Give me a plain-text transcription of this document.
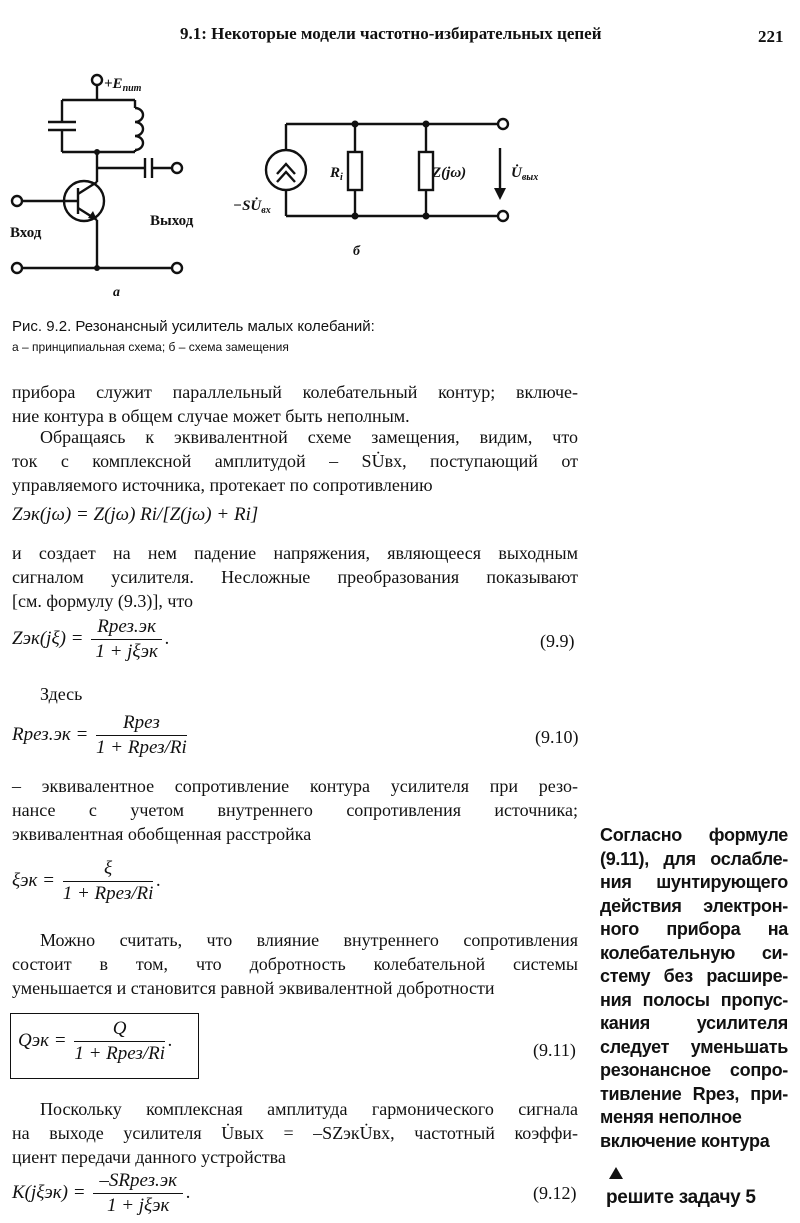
9.1: Некоторые модели частотно-избирательных цепей	221
$+E_{пит}$
Вход
Выход
а
$-SU̇_{вх}$
$R_i$	Z(jω)	$U̇_{вых}$
б
Рис. 9.2. Резонансный усилитель малых колебаний:
а – принципиальная схема; б – схема замещения
прибора служит параллельный колебательный контур; включе-
ние контура в общем случае может быть неполным.
Обращаясь к эквивалентной схеме замещения, видим, что
ток с комплексной амплитудой – SU̇вх, поступающий от
управляемого источника, протекает по сопротивлению
Zэк(jω) = Z(jω) Ri/[Z(jω) + Ri]
и создает на нем падение напряжения, являющееся выходным
сигналом усилителя. Несложные преобразования показывают
[см. формулу (9.3)], что
$Zэк(j\xi) = \frac{\text{Rрез.эк}}{\text{1 + jξэк}}$ .	(9.9)
Здесь
Rрез.эк = $\frac{\text{Rрез}}{\text{1 + Rрез/Ri}}$	(9.10)
– эквивалентное сопротивление контура усилителя при резо-
нансе с учетом внутреннего сопротивления источника;
эквивалентная обобщенная расстройка
$\xi эк = \frac{\xi}{\text{1 + Rрез/Ri}}$ .
Можно считать, что влияние внутреннего сопротивления
состоит в том, что добротность колебательной системы
уменьшается и становится равной эквивалентной добротности
Qэк = $\frac{Q}{\text{1 + Rрез/Ri}}$ .	(9.11)
Поскольку комплексная амплитуда гармонического сигнала
на выходе усилителя U̇вых = –SZэкU̇вх, частотный коэффи-
циент передачи данного устройства
$K(j\xi эк) = \frac{\text{–SRрез.эк}}{\text{1 + jξэк}}$ .	(9.12)
Согласно формуле
(9.11), для ослабле-
ния шунтирующего
действия электрон-
ного прибора на
колебательную си-
стему без расшире-
ния полосы пропус-
кания усилителя
следует уменьшать
резонансное сопро-
тивление Rрез, при-
меняя неполное
включение контура
решите задачу 5
